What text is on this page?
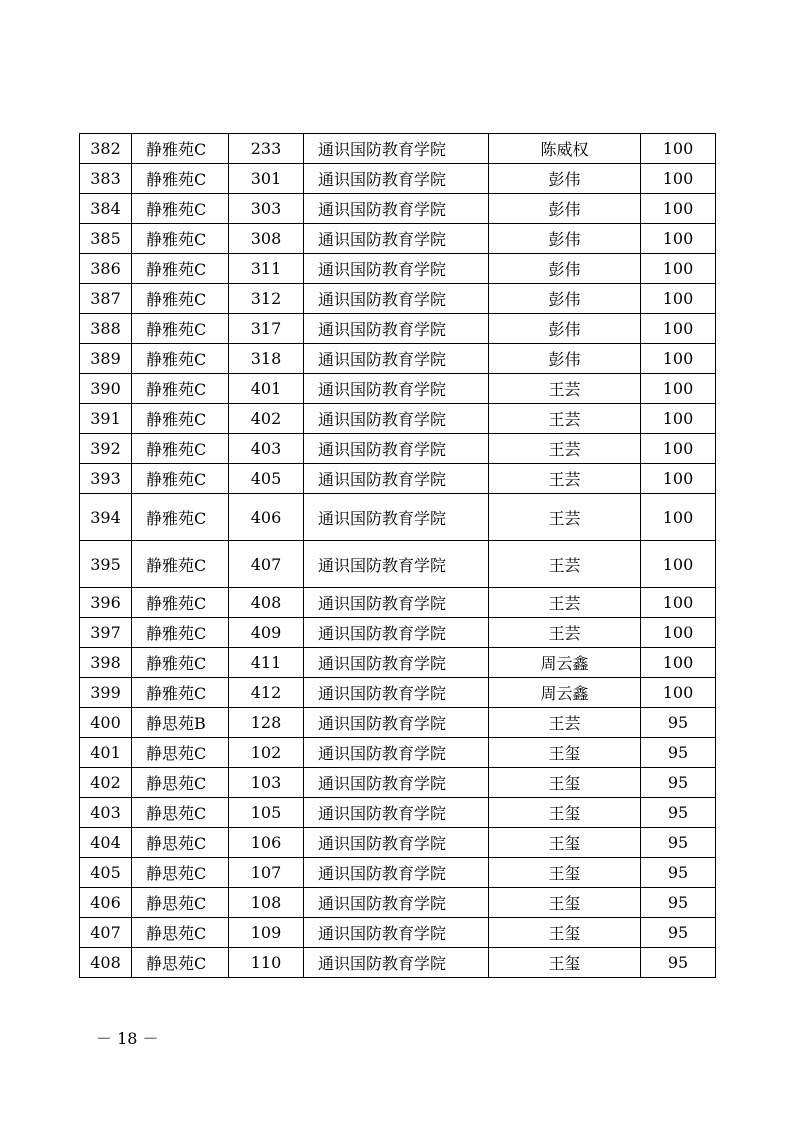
382	静雅苑C	233	通识国防教育学院	陈威权	100
383	静雅苑C	301	通识国防教育学院	彭伟	100
384	静雅苑C	303	通识国防教育学院	彭伟	100
385	静雅苑C	308	通识国防教育学院	彭伟	100
386	静雅苑C	311	通识国防教育学院	彭伟	100
387	静雅苑C	312	通识国防教育学院	彭伟	100
388	静雅苑C	317	通识国防教育学院	彭伟	100
389	静雅苑C	318	通识国防教育学院	彭伟	100
390	静雅苑C	401	通识国防教育学院	王芸	100
391	静雅苑C	402	通识国防教育学院	王芸	100
392	静雅苑C	403	通识国防教育学院	王芸	100
393	静雅苑C	405	通识国防教育学院	王芸	100
394	静雅苑C	406	通识国防教育学院	王芸	100
395	静雅苑C	407	通识国防教育学院	王芸	100
396	静雅苑C	408	通识国防教育学院	王芸	100
397	静雅苑C	409	通识国防教育学院	王芸	100
398	静雅苑C	411	通识国防教育学院	周云鑫	100
399	静雅苑C	412	通识国防教育学院	周云鑫	100
400	静思苑B	128	通识国防教育学院	王芸	95
401	静思苑C	102	通识国防教育学院	王玺	95
402	静思苑C	103	通识国防教育学院	王玺	95
403	静思苑C	105	通识国防教育学院	王玺	95
404	静思苑C	106	通识国防教育学院	王玺	95
405	静思苑C	107	通识国防教育学院	王玺	95
406	静思苑C	108	通识国防教育学院	王玺	95
407	静思苑C	109	通识国防教育学院	王玺	95
408	静思苑C	110	通识国防教育学院	王玺	95
－ 18 －
